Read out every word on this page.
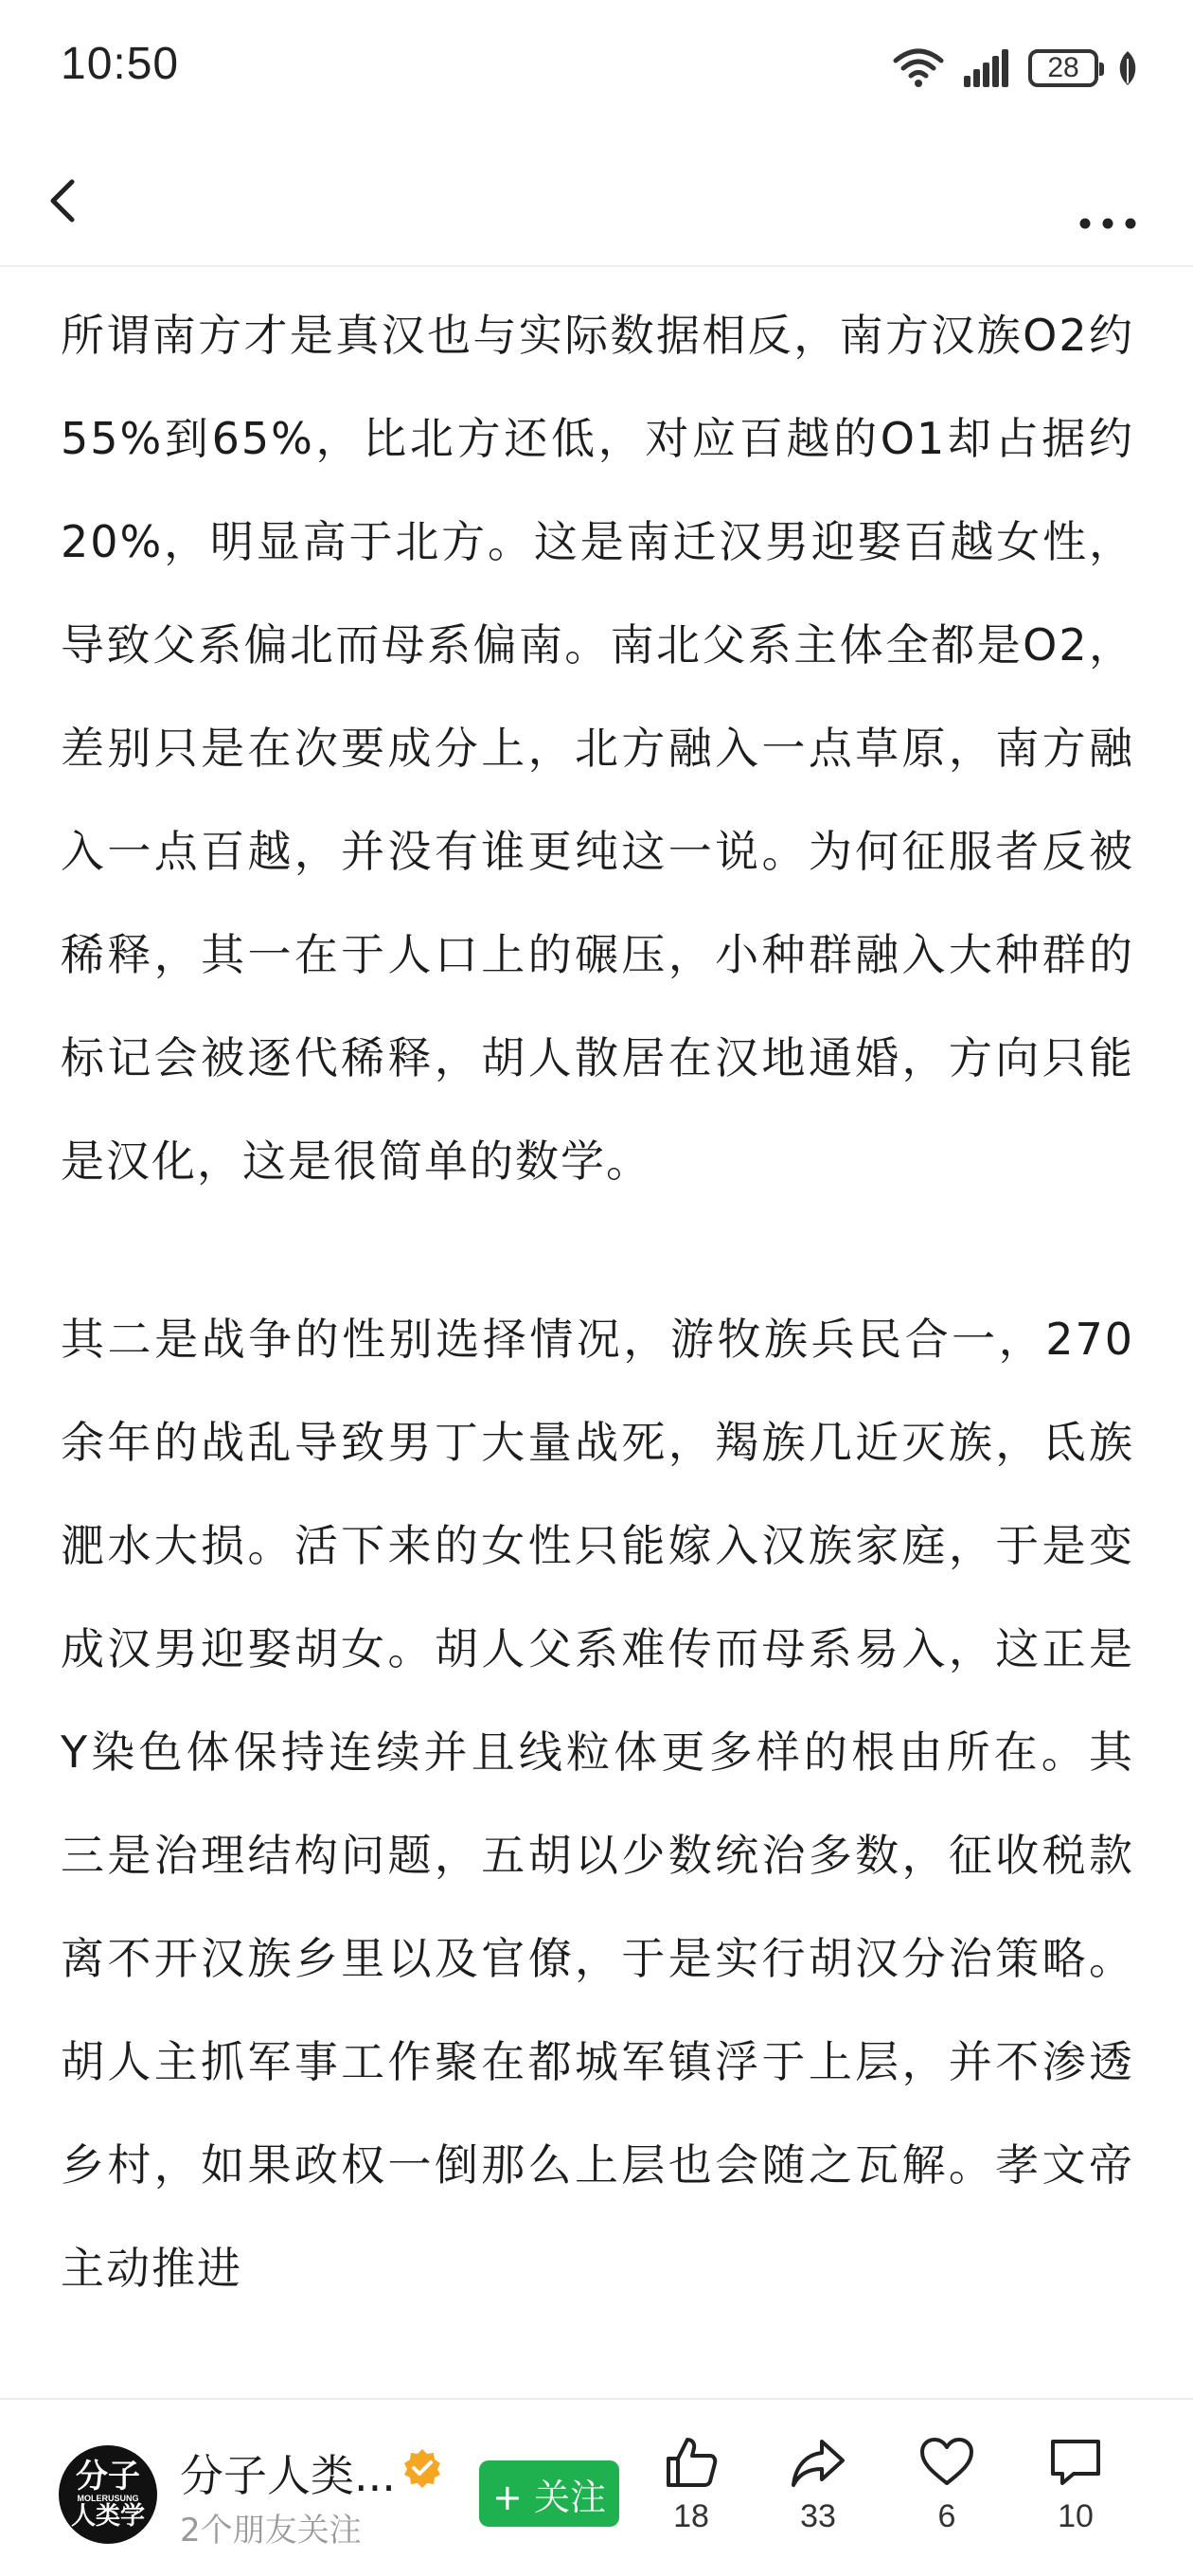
10:50	28

所谓南方才是真汉也与实际数据相反，南方汉族O2约55%到65%，比北方还低，对应百越的O1却占据约20%，明显高于北方。这是南迁汉男迎娶百越女性，导致父系偏北而母系偏南。南北父系主体全都是O2，差别只是在次要成分上，北方融入一点草原，南方融入一点百越，并没有谁更纯这一说。为何征服者反被稀释，其一在于人口上的碾压，小种群融入大种群的标记会被逐代稀释，胡人散居在汉地通婚，方向只能是汉化，这是很简单的数学。

其二是战争的性别选择情况，游牧族兵民合一，270余年的战乱导致男丁大量战死，羯族几近灭族，氐族淝水大损。活下来的女性只能嫁入汉族家庭，于是变成汉男迎娶胡女。胡人父系难传而母系易入，这正是Y染色体保持连续并且线粒体更多样的根由所在。其三是治理结构问题，五胡以少数统治多数，征收税款离不开汉族乡里以及官僚，于是实行胡汉分治策略。胡人主抓军事工作聚在都城军镇浮于上层，并不渗透乡村，如果政权一倒那么上层也会随之瓦解。孝文帝主动推进

分子
MOLERUSUNG
人类学
分子人类...
2个朋友关注
+ 关注	18	33	6	10
